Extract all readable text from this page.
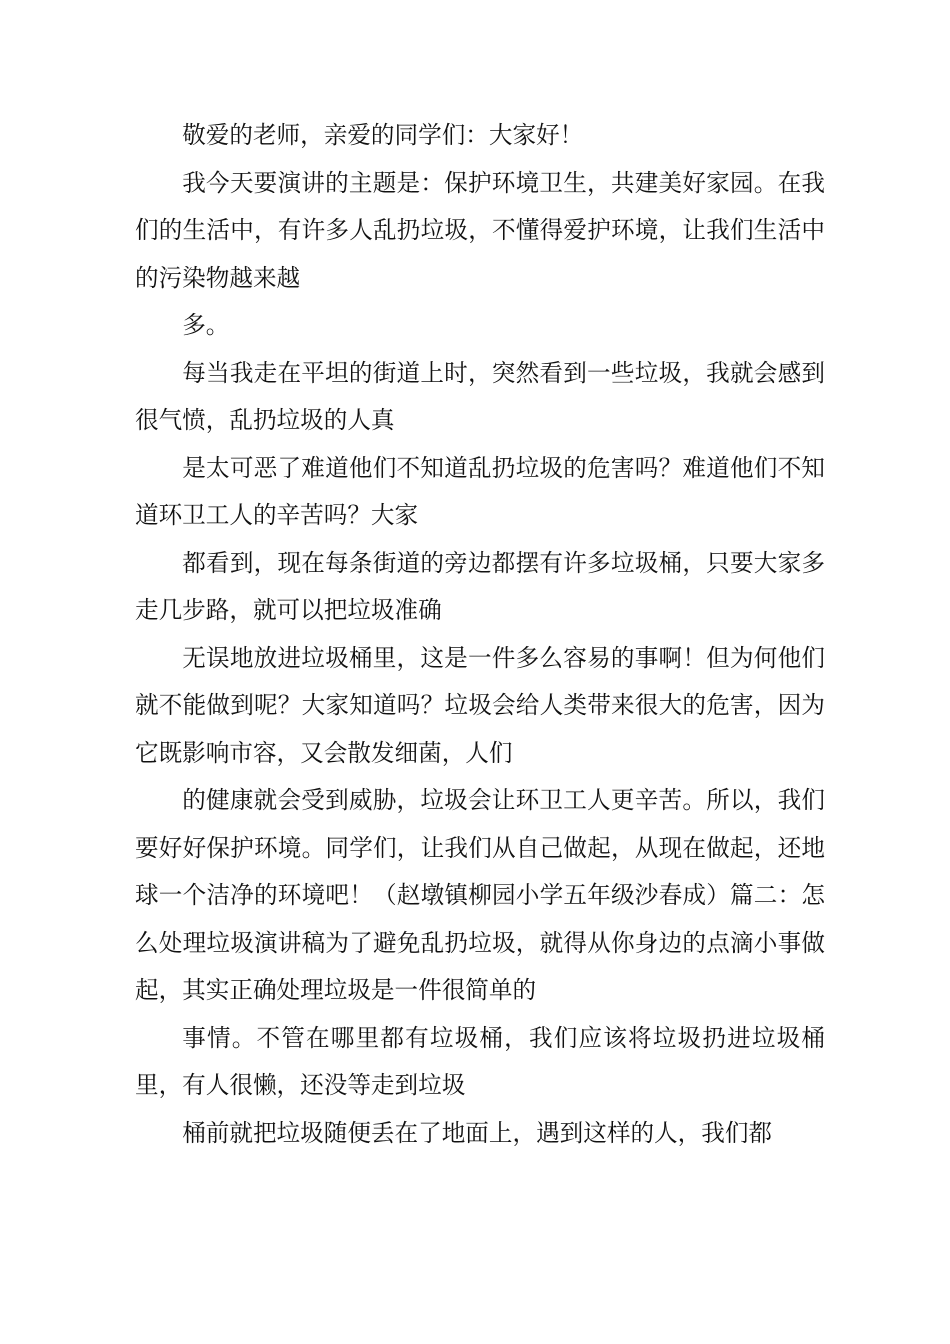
敬爱的老师，亲爱的同学们：大家好！

我今天要演讲的主题是：保护环境卫生，共建美好家园。在我们的生活中，有许多人乱扔垃圾，不懂得爱护环境，让我们生活中的污染物越来越

多。

每当我走在平坦的街道上时，突然看到一些垃圾，我就会感到很气愤，乱扔垃圾的人真

是太可恶了难道他们不知道乱扔垃圾的危害吗？难道他们不知道环卫工人的辛苦吗？大家

都看到，现在每条街道的旁边都摆有许多垃圾桶，只要大家多走几步路，就可以把垃圾准确

无误地放进垃圾桶里，这是一件多么容易的事啊！但为何他们就不能做到呢？大家知道吗？垃圾会给人类带来很大的危害，因为它既影响市容，又会散发细菌，人们

的健康就会受到威胁，垃圾会让环卫工人更辛苦。所以，我们要好好保护环境。同学们，让我们从自己做起，从现在做起，还地球一个洁净的环境吧！（赵墩镇柳园小学五年级沙春成）篇二：怎么处理垃圾演讲稿为了避免乱扔垃圾，就得从你身边的点滴小事做起，其实正确处理垃圾是一件很简单的

事情。不管在哪里都有垃圾桶，我们应该将垃圾扔进垃圾桶里，有人很懒，还没等走到垃圾

桶前就把垃圾随便丢在了地面上，遇到这样的人，我们都
